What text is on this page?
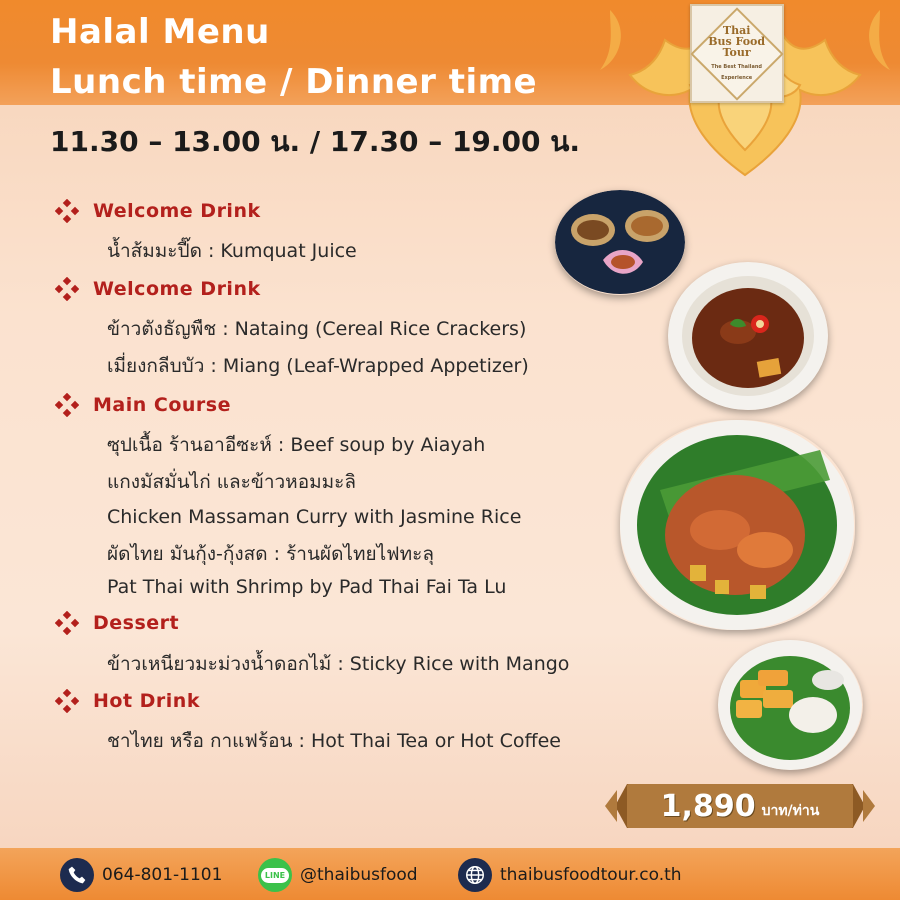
Thai
Bus Food
Tour
The Best Thailand Experience
Halal Menu
Lunch time / Dinner time
11.30 – 13.00 น. / 17.30 – 19.00 น.
Welcome Drink
น้ำส้มมะปี๊ด : Kumquat Juice
Welcome Drink
ข้าวตังธัญพืช : Nataing (Cereal Rice Crackers)
เมี่ยงกลีบบัว : Miang (Leaf-Wrapped Appetizer)
Main Course
ซุปเนื้อ ร้านอาอีซะห์ : Beef soup by Aiayah
แกงมัสมั่นไก่ และข้าวหอมมะลิ
Chicken Massaman Curry with Jasmine Rice
ผัดไทย มันกุ้ง-กุ้งสด : ร้านผัดไทยไฟทะลุ
Pat Thai with Shrimp by Pad Thai Fai Ta Lu
Dessert
ข้าวเหนียวมะม่วงน้ำดอกไม้ : Sticky Rice with Mango
Hot Drink
ชาไทย หรือ กาแฟร้อน : Hot Thai Tea or Hot Coffee
1,890 บาท/ท่าน
064-801-1101	LINE @thaibusfood	thaibusfoodtour.co.th
